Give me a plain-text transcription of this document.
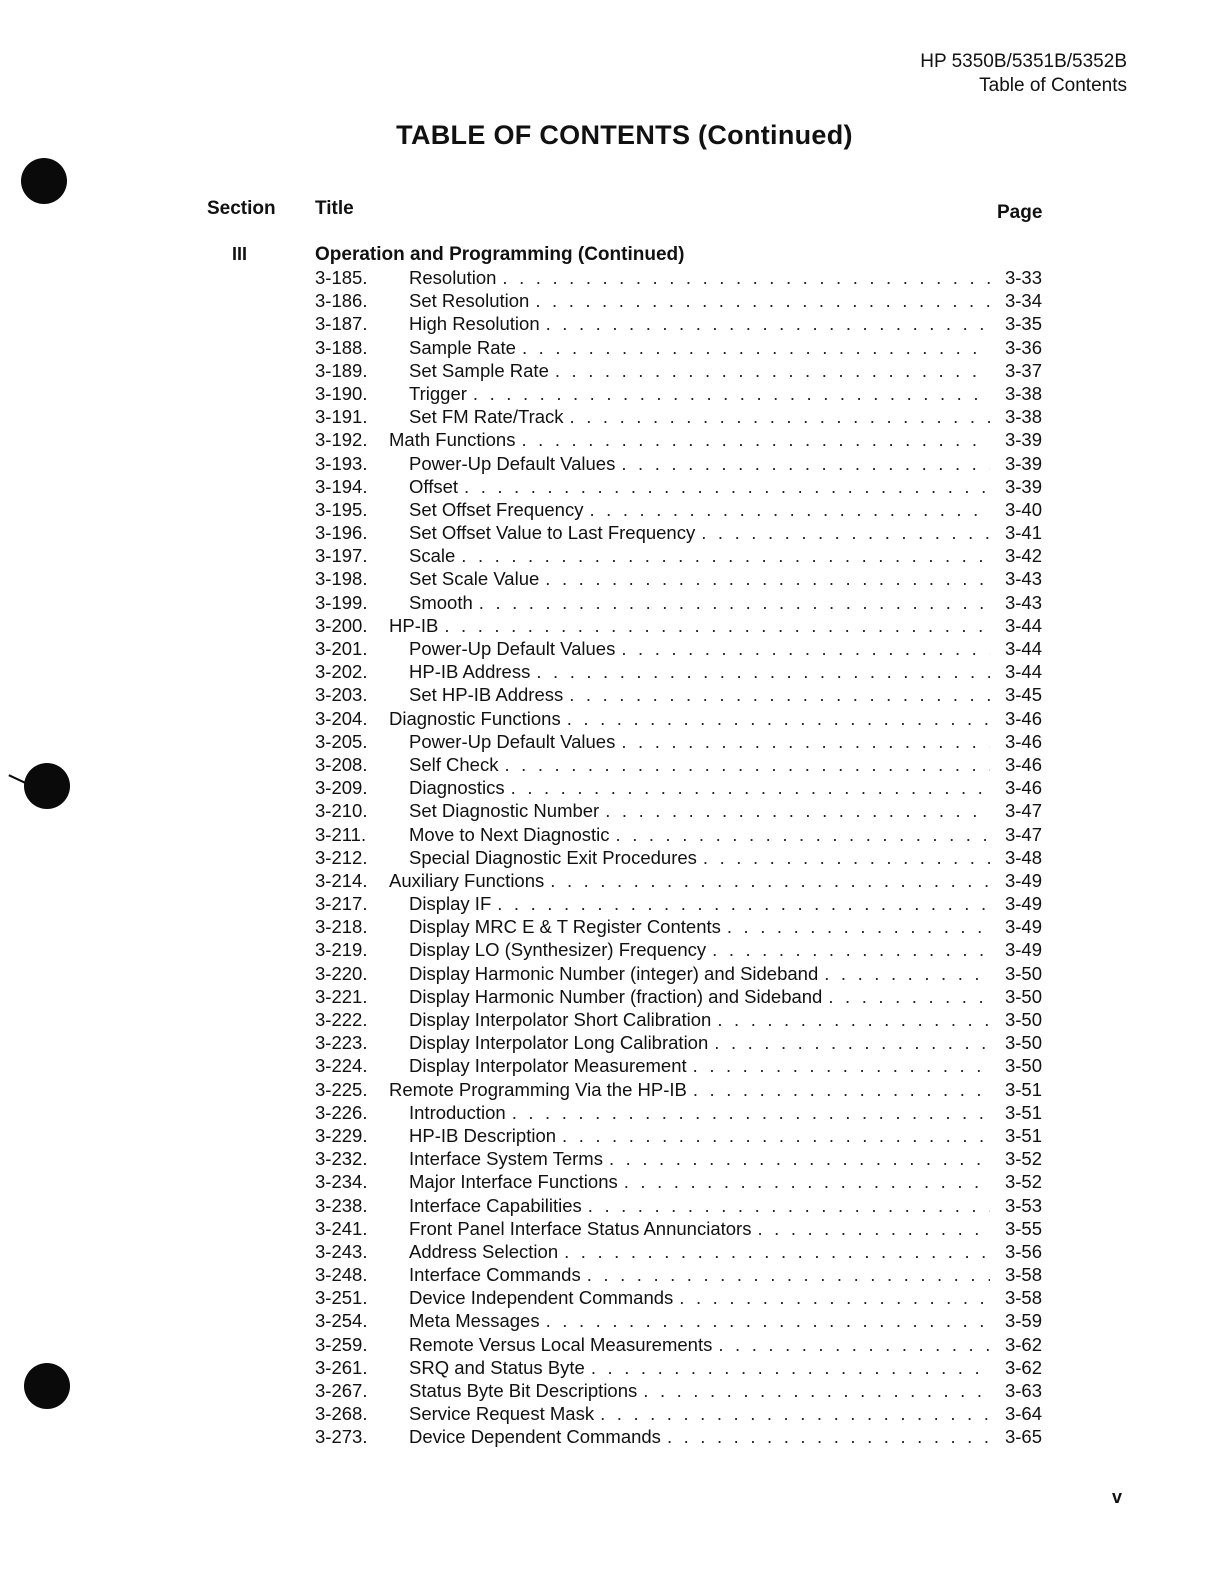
HP 5350B/5351B/5352B
Table of Contents
TABLE OF CONTENTS (Continued)
Section Title	Page
III	Operation and Programming (Continued)
3-185. Resolution . . .	3-33
3-186. Set Resolution . . .	3-34
3-187. High Resolution . . .	3-35
3-188. Sample Rate . . .	3-36
3-189. Set Sample Rate . . .	3-37
3-190. Trigger . . .	3-38
3-191. Set FM Rate/Track . . .	3-38
3-192. Math Functions . . .	3-39
3-193. Power-Up Default Values . . .	3-39
3-194. Offset . . .	3-39
3-195. Set Offset Frequency . . .	3-40
3-196. Set Offset Value to Last Frequency . . .	3-41
3-197. Scale . . .	3-42
3-198. Set Scale Value . . .	3-43
3-199. Smooth . . .	3-43
3-200. HP-IB . . .	3-44
3-201. Power-Up Default Values . . .	3-44
3-202. HP-IB Address . . .	3-44
3-203. Set HP-IB Address . . .	3-45
3-204. Diagnostic Functions . . .	3-46
3-205. Power-Up Default Values . . .	3-46
3-208. Self Check . . .	3-46
3-209. Diagnostics . . .	3-46
3-210. Set Diagnostic Number . . .	3-47
3-211. Move to Next Diagnostic . . .	3-47
3-212. Special Diagnostic Exit Procedures . . .	3-48
3-214. Auxiliary Functions . . .	3-49
3-217. Display IF . . .	3-49
3-218. Display MRC E & T Register Contents . . .	3-49
3-219. Display LO (Synthesizer) Frequency . . .	3-49
3-220. Display Harmonic Number (integer) and Sideband . . .	3-50
3-221. Display Harmonic Number (fraction) and Sideband . . .	3-50
3-222. Display Interpolator Short Calibration . . .	3-50
3-223. Display Interpolator Long Calibration . . .	3-50
3-224. Display Interpolator Measurement . . .	3-50
3-225. Remote Programming Via the HP-IB . . .	3-51
3-226. Introduction . . .	3-51
3-229. HP-IB Description . . .	3-51
3-232. Interface System Terms . . .	3-52
3-234. Major Interface Functions . . .	3-52
3-238. Interface Capabilities . . .	3-53
3-241. Front Panel Interface Status Annunciators . . .	3-55
3-243. Address Selection . . .	3-56
3-248. Interface Commands . . .	3-58
3-251. Device Independent Commands . . .	3-58
3-254. Meta Messages . . .	3-59
3-259. Remote Versus Local Measurements . . .	3-62
3-261. SRQ and Status Byte . . .	3-62
3-267. Status Byte Bit Descriptions . . .	3-63
3-268. Service Request Mask . . .	3-64
3-273. Device Dependent Commands . . .	3-65
v
